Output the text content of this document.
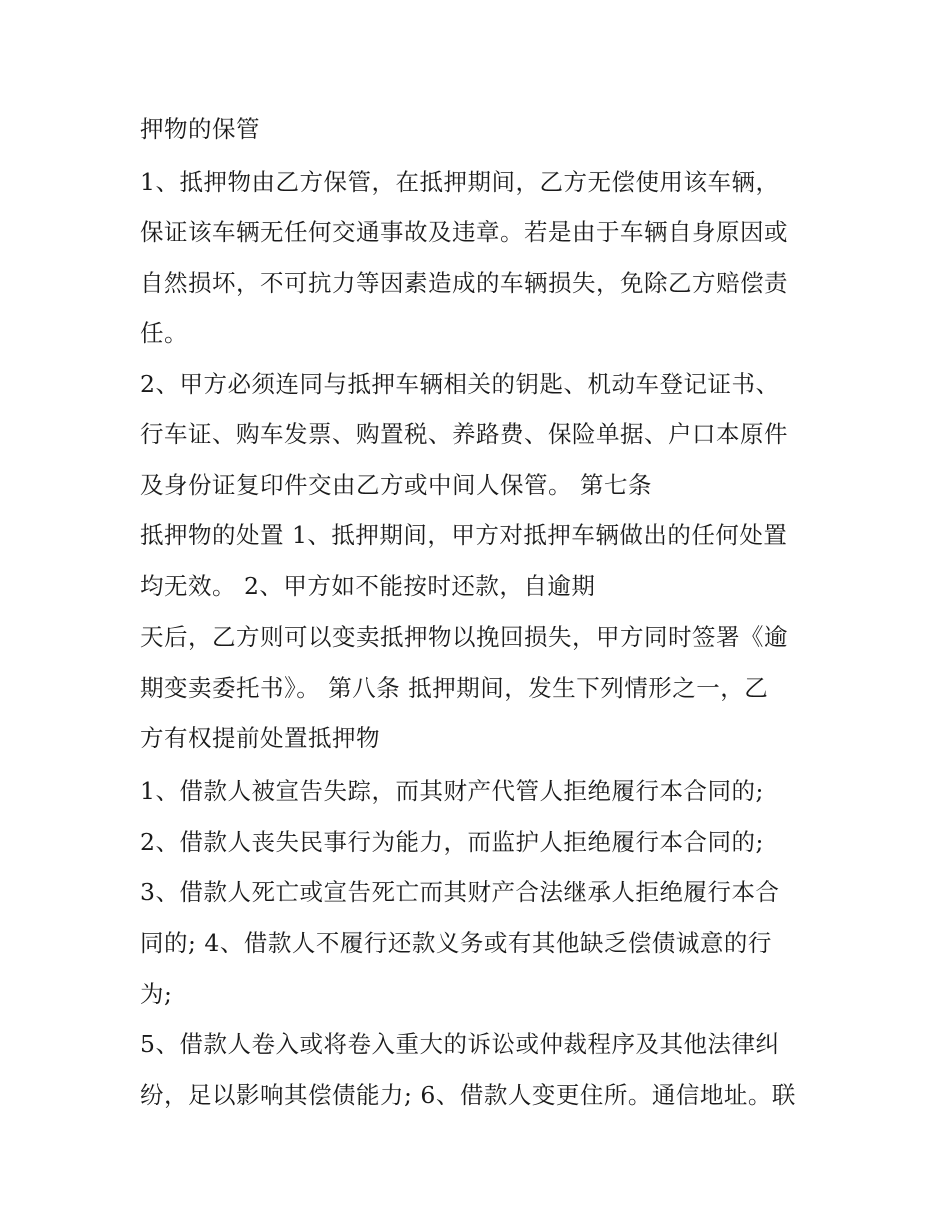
押物的保管
1、抵押物由乙方保管，在抵押期间，乙方无偿使用该车辆，
保证该车辆无任何交通事故及违章。若是由于车辆自身原因或
自然损坏，不可抗力等因素造成的车辆损失，免除乙方赔偿责
任。
2、甲方必须连同与抵押车辆相关的钥匙、机动车登记证书、
行车证、购车发票、购置税、养路费、保险单据、户口本原件
及身份证复印件交由乙方或中间人保管。 第七条
抵押物的处置 1、抵押期间，甲方对抵押车辆做出的任何处置
均无效。 2、甲方如不能按时还款，自逾期
天后，乙方则可以变卖抵押物以挽回损失，甲方同时签署《逾
期变卖委托书》。 第八条 抵押期间，发生下列情形之一，乙
方有权提前处置抵押物
1、借款人被宣告失踪，而其财产代管人拒绝履行本合同的;
2、借款人丧失民事行为能力，而监护人拒绝履行本合同的;
3、借款人死亡或宣告死亡而其财产合法继承人拒绝履行本合
同的; 4、借款人不履行还款义务或有其他缺乏偿债诚意的行
为;
5、借款人卷入或将卷入重大的诉讼或仲裁程序及其他法律纠
纷，足以影响其偿债能力; 6、借款人变更住所。通信地址。联
